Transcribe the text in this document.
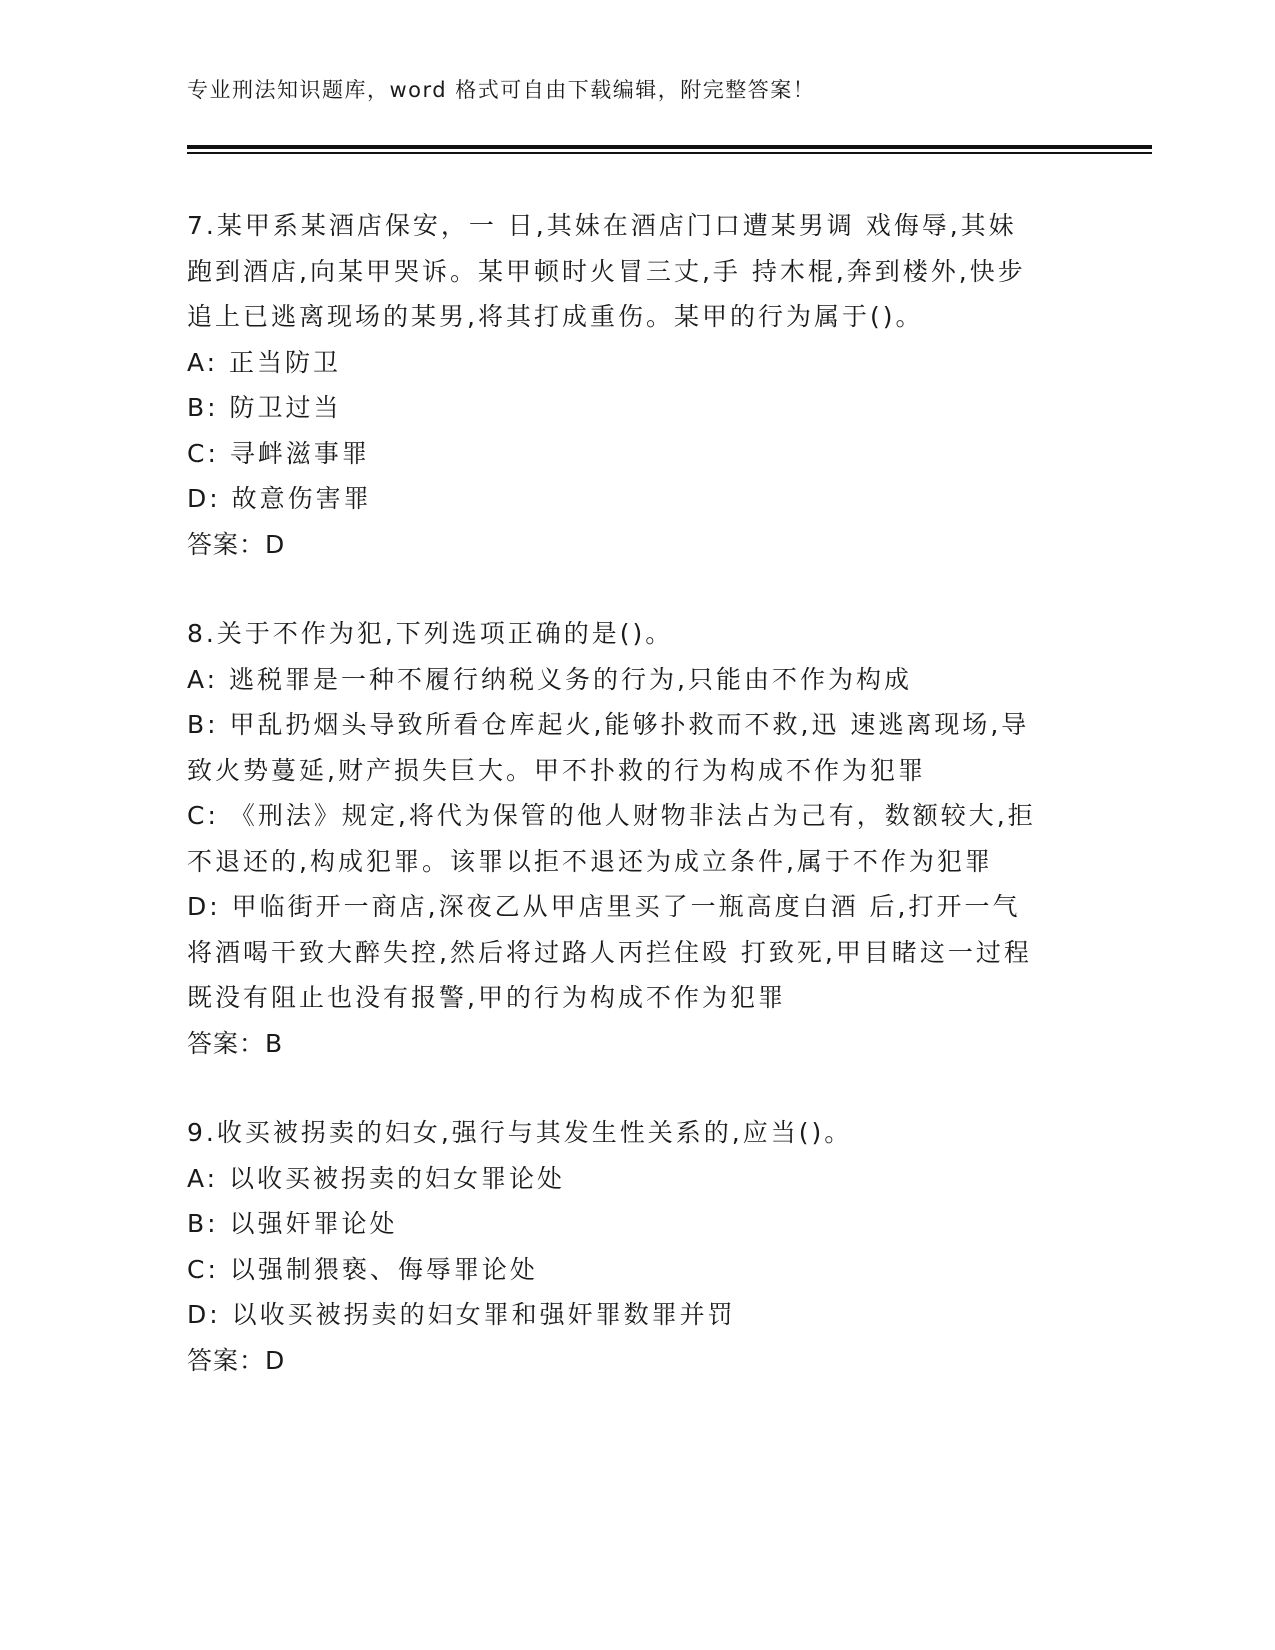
专业刑法知识题库，word 格式可自由下载编辑，附完整答案！
7.某甲系某酒店保安，一 日,其妹在酒店门口遭某男调 戏侮辱,其妹
跑到酒店,向某甲哭诉。某甲顿时火冒三丈,手 持木棍,奔到楼外,快步
追上已逃离现场的某男,将其打成重伤。某甲的行为属于()。
A: 正当防卫
B: 防卫过当
C: 寻衅滋事罪
D: 故意伤害罪
答案：D
8.关于不作为犯,下列选项正确的是()。
A: 逃税罪是一种不履行纳税义务的行为,只能由不作为构成
B: 甲乱扔烟头导致所看仓库起火,能够扑救而不救,迅 速逃离现场,导
致火势蔓延,财产损失巨大。甲不扑救的行为构成不作为犯罪
C: 《刑法》规定,将代为保管的他人财物非法占为己有，数额较大,拒
不退还的,构成犯罪。该罪以拒不退还为成立条件,属于不作为犯罪
D: 甲临街开一商店,深夜乙从甲店里买了一瓶高度白酒 后,打开一气
将酒喝干致大醉失控,然后将过路人丙拦住殴 打致死,甲目睹这一过程
既没有阻止也没有报警,甲的行为构成不作为犯罪
答案：B
9.收买被拐卖的妇女,强行与其发生性关系的,应当()。
A: 以收买被拐卖的妇女罪论处
B: 以强奸罪论处
C: 以强制猥亵、侮辱罪论处
D: 以收买被拐卖的妇女罪和强奸罪数罪并罚
答案：D
